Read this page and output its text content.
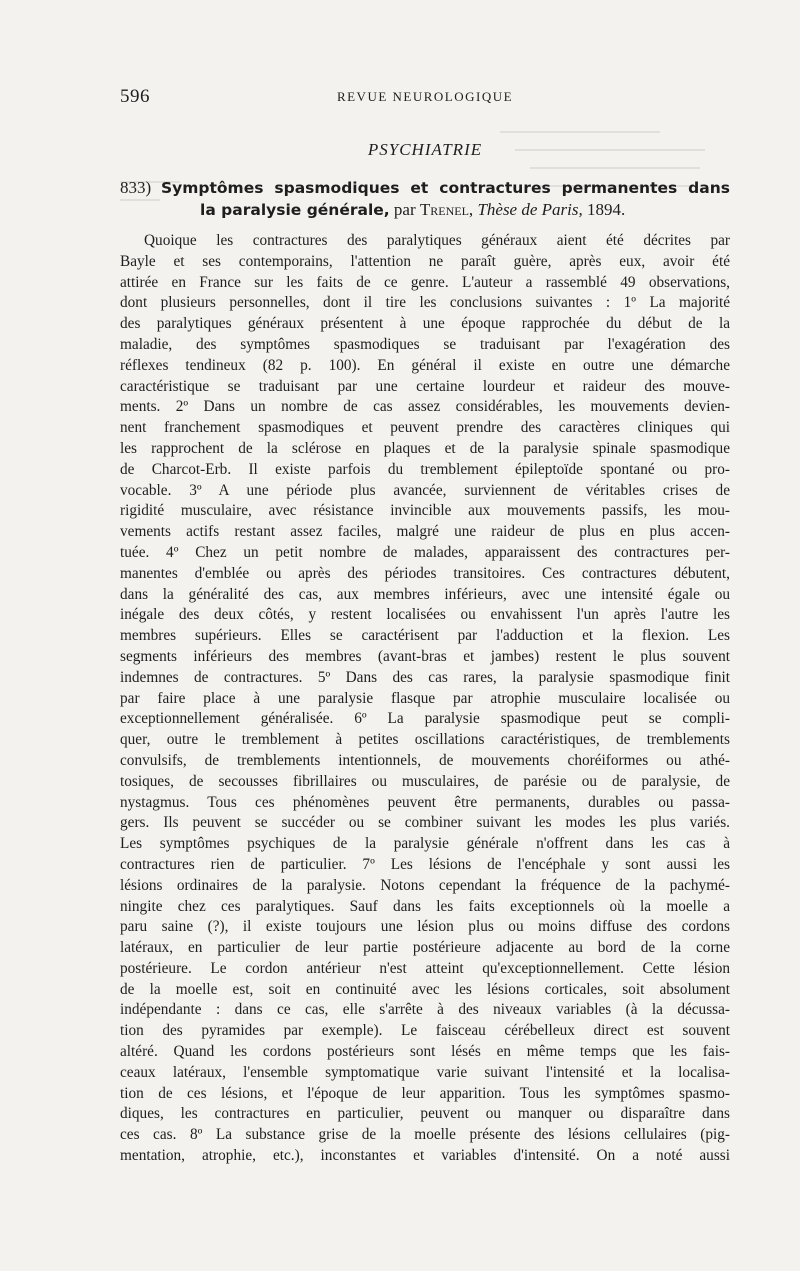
596	REVUE NEUROLOGIQUE
PSYCHIATRIE
833) Symptômes spasmodiques et contractures permanentes dans
la paralysie générale, par Trenel, Thèse de Paris, 1894.
Quoique les contractures des paralytiques généraux aient été décrites par
Bayle et ses contemporains, l'attention ne paraît guère, après eux, avoir été
attirée en France sur les faits de ce genre. L'auteur a rassemblé 49 observations,
dont plusieurs personnelles, dont il tire les conclusions suivantes : 1º La majorité
des paralytiques généraux présentent à une époque rapprochée du début de la
maladie, des symptômes spasmodiques se traduisant par l'exagération des
réflexes tendineux (82 p. 100). En général il existe en outre une démarche
caractéristique se traduisant par une certaine lourdeur et raideur des mouve-
ments. 2º Dans un nombre de cas assez considérables, les mouvements devien-
nent franchement spasmodiques et peuvent prendre des caractères cliniques qui
les rapprochent de la sclérose en plaques et de la paralysie spinale spasmodique
de Charcot-Erb. Il existe parfois du tremblement épileptoïde spontané ou pro-
vocable. 3º A une période plus avancée, surviennent de véritables crises de
rigidité musculaire, avec résistance invincible aux mouvements passifs, les mou-
vements actifs restant assez faciles, malgré une raideur de plus en plus accen-
tuée. 4º Chez un petit nombre de malades, apparaissent des contractures per-
manentes d'emblée ou après des périodes transitoires. Ces contractures débutent,
dans la généralité des cas, aux membres inférieurs, avec une intensité égale ou
inégale des deux côtés, y restent localisées ou envahissent l'un après l'autre les
membres supérieurs. Elles se caractérisent par l'adduction et la flexion. Les
segments inférieurs des membres (avant-bras et jambes) restent le plus souvent
indemnes de contractures. 5º Dans des cas rares, la paralysie spasmodique finit
par faire place à une paralysie flasque par atrophie musculaire localisée ou
exceptionnellement généralisée. 6º La paralysie spasmodique peut se compli-
quer, outre le tremblement à petites oscillations caractéristiques, de tremblements
convulsifs, de tremblements intentionnels, de mouvements choréiformes ou athé-
tosiques, de secousses fibrillaires ou musculaires, de parésie ou de paralysie, de
nystagmus. Tous ces phénomènes peuvent être permanents, durables ou passa-
gers. Ils peuvent se succéder ou se combiner suivant les modes les plus variés.
Les symptômes psychiques de la paralysie générale n'offrent dans les cas à
contractures rien de particulier. 7º Les lésions de l'encéphale y sont aussi les
lésions ordinaires de la paralysie. Notons cependant la fréquence de la pachymé-
ningite chez ces paralytiques. Sauf dans les faits exceptionnels où la moelle a
paru saine (?), il existe toujours une lésion plus ou moins diffuse des cordons
latéraux, en particulier de leur partie postérieure adjacente au bord de la corne
postérieure. Le cordon antérieur n'est atteint qu'exceptionnellement. Cette lésion
de la moelle est, soit en continuité avec les lésions corticales, soit absolument
indépendante : dans ce cas, elle s'arrête à des niveaux variables (à la décussa-
tion des pyramides par exemple). Le faisceau cérébelleux direct est souvent
altéré. Quand les cordons postérieurs sont lésés en même temps que les fais-
ceaux latéraux, l'ensemble symptomatique varie suivant l'intensité et la localisa-
tion de ces lésions, et l'époque de leur apparition. Tous les symptômes spasmo-
diques, les contractures en particulier, peuvent ou manquer ou disparaître dans
ces cas. 8º La substance grise de la moelle présente des lésions cellulaires (pig-
mentation, atrophie, etc.), inconstantes et variables d'intensité. On a noté aussi
